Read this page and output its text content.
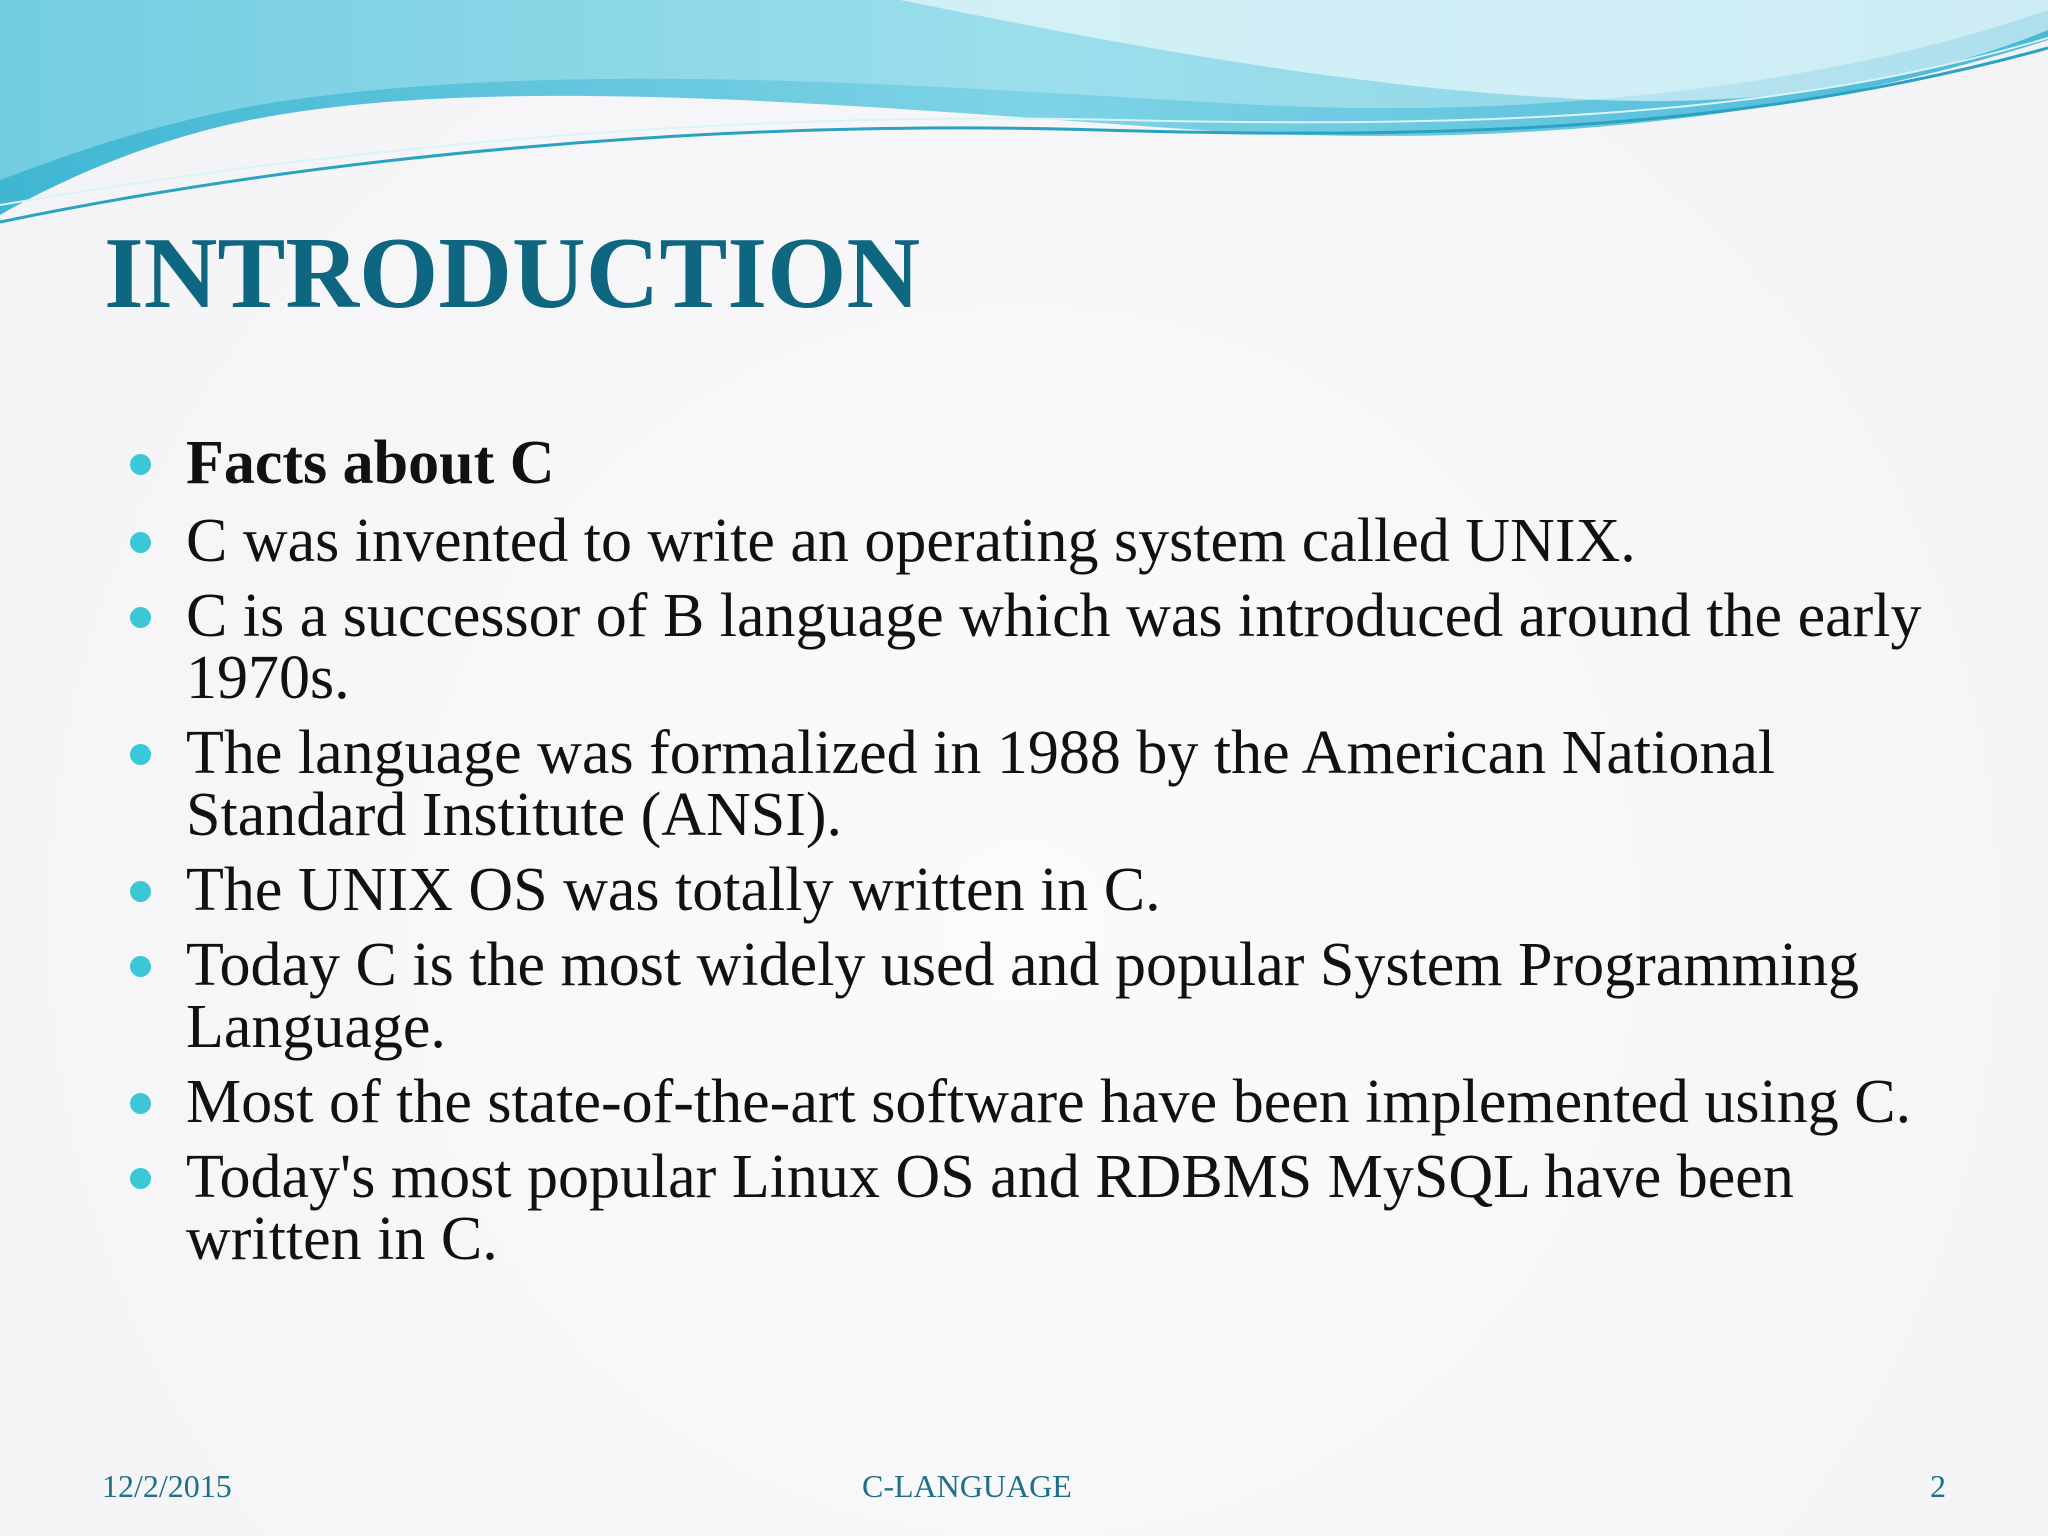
INTRODUCTION
Facts about C
C was invented to write an operating system called UNIX.
C is a successor of B language which was introduced around the early 1970s.
The language was formalized in 1988 by the American National Standard Institute (ANSI).
The UNIX OS was totally written in C.
Today C is the most widely used and popular System Programming Language.
Most of the state-of-the-art software have been implemented using C.
Today's most popular Linux OS and RDBMS MySQL have been written in C.
12/2/2015	C-LANGUAGE	2
